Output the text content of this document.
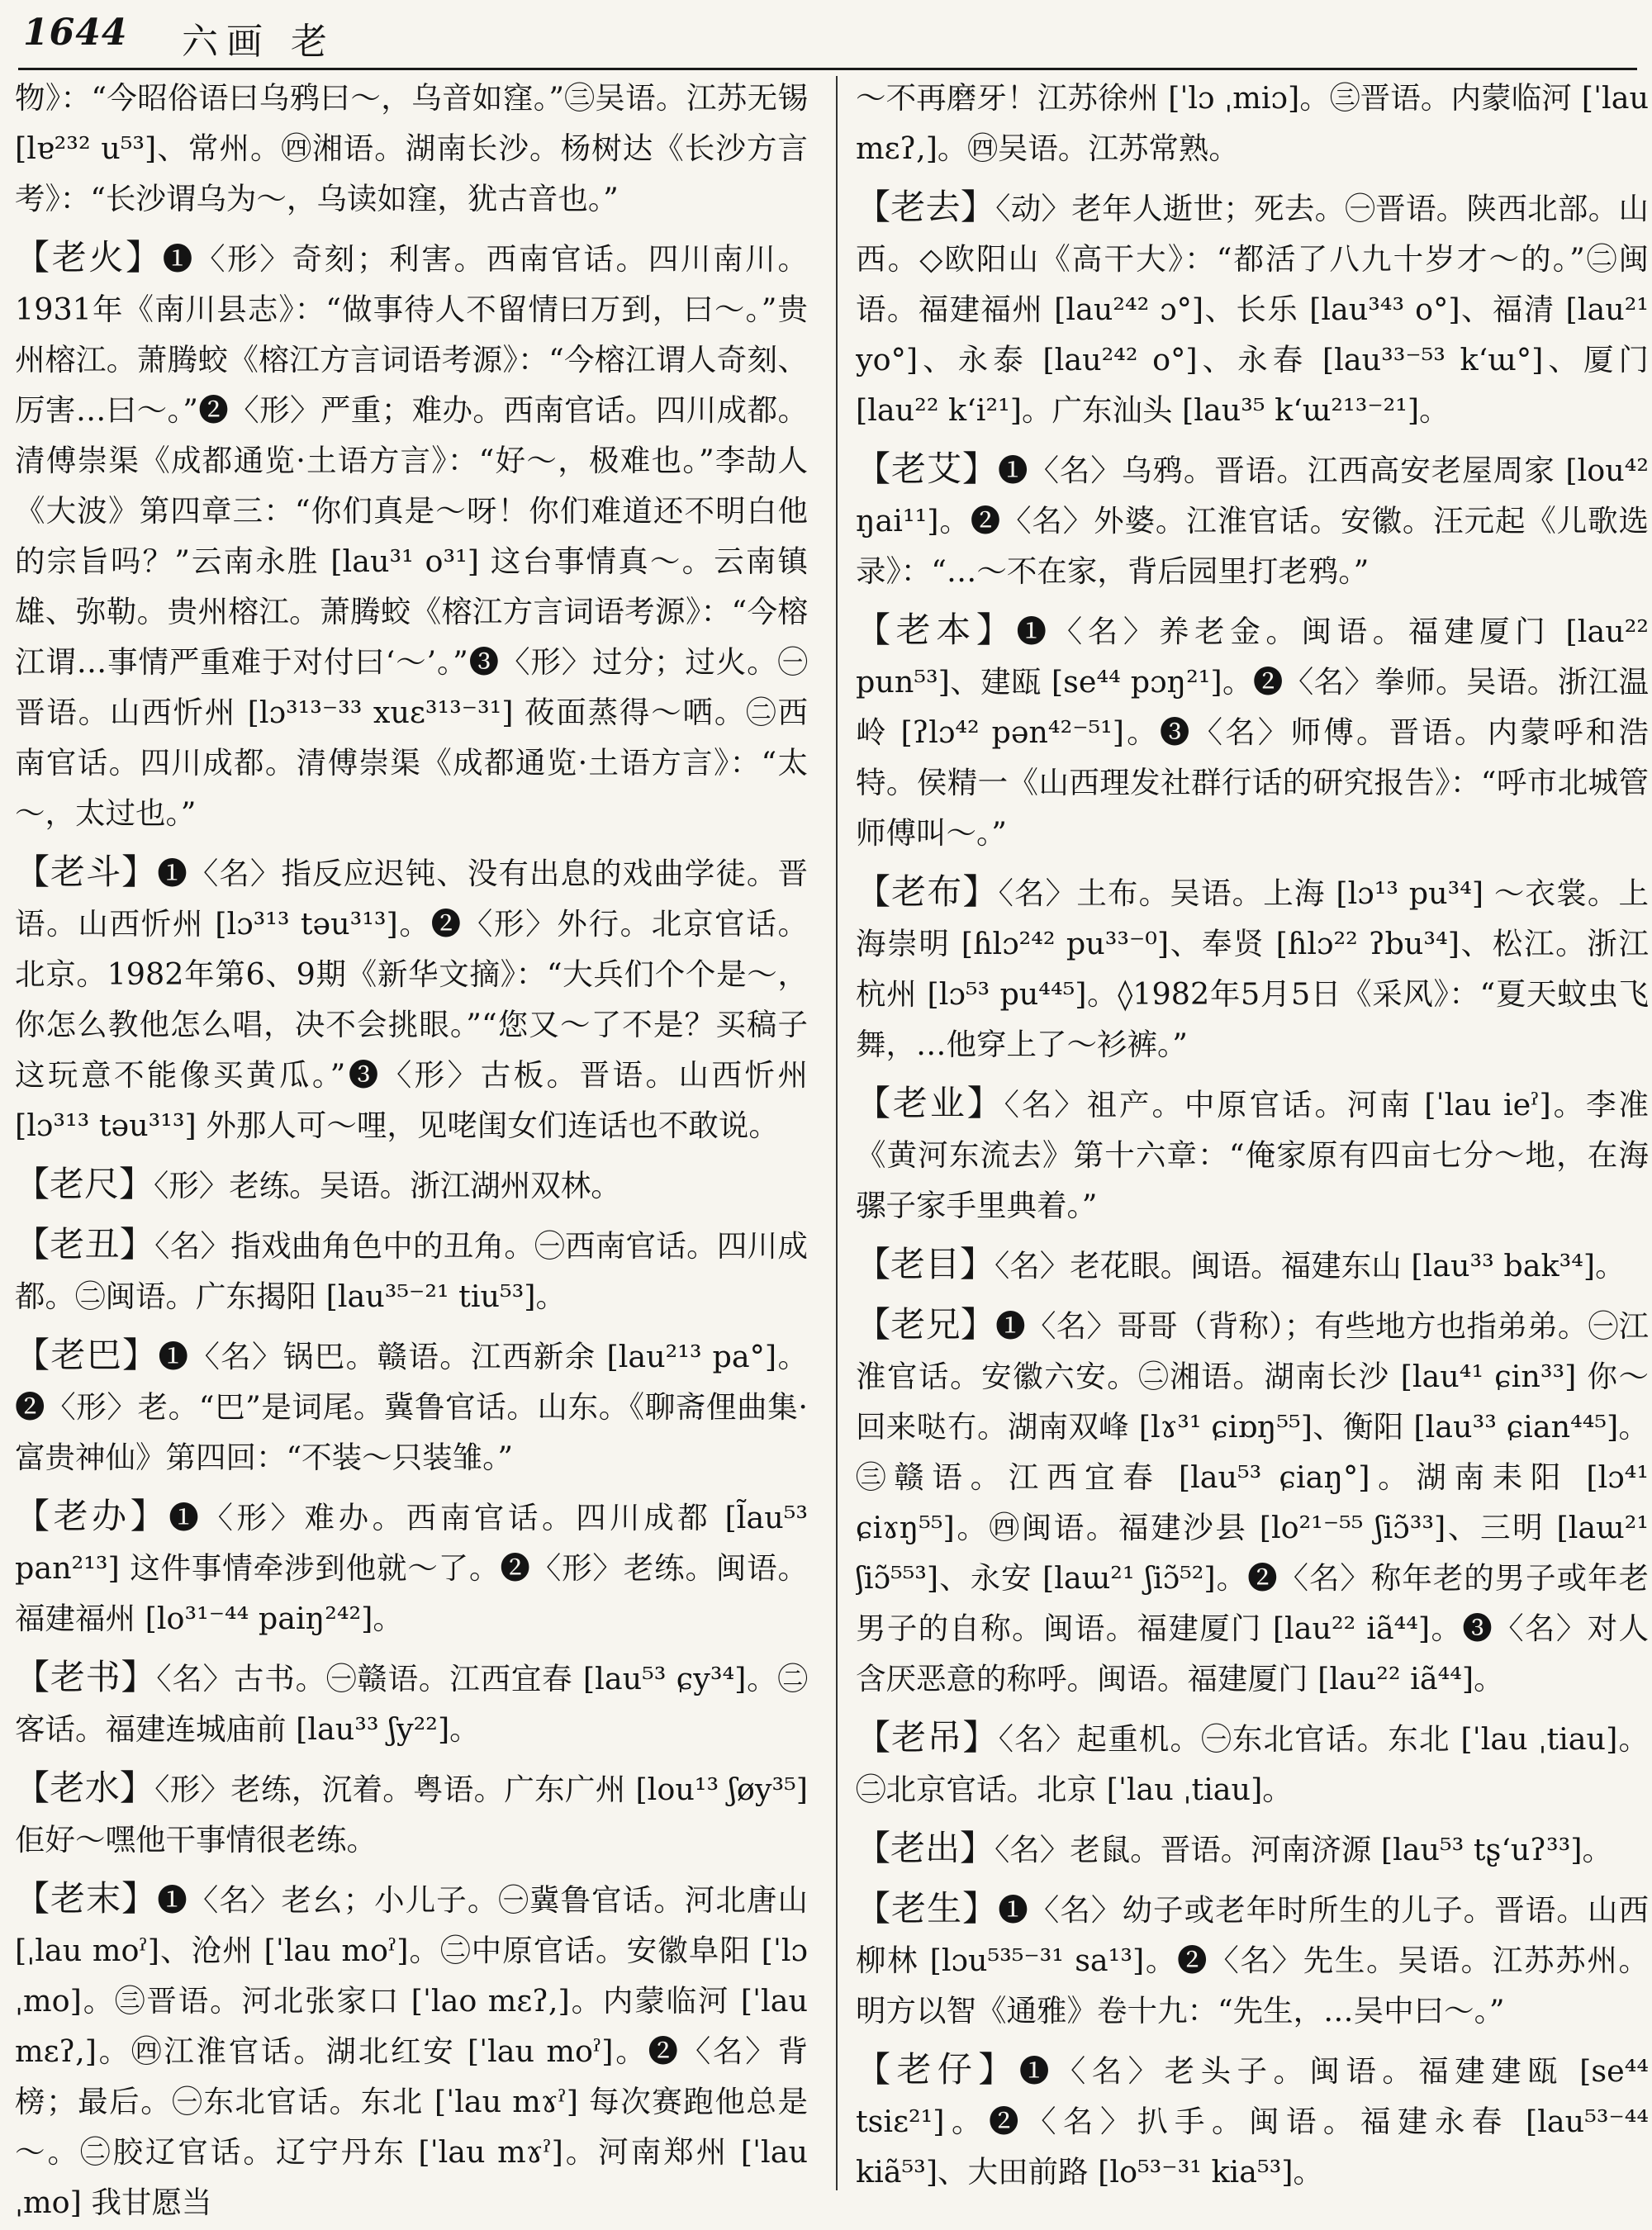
1644 六画 老

物》：“今昭俗语曰乌鸦曰～，乌音如窪。”㊂吴语。江苏无锡 [lɐ²³² u⁵³]、常州。㊃湘语。湖南长沙。杨树达《长沙方言考》：“长沙谓乌为～，乌读如窪，犹古音也。”

【老火】❶〈形〉奇刻；利害。西南官话。四川南川。1931年《南川县志》：“做事待人不留情曰万到，曰～。”贵州榕江。萧腾蛟《榕江方言词语考源》：“今榕江谓人奇刻、厉害…曰～。”❷〈形〉严重；难办。西南官话。四川成都。清傅崇渠《成都通览·土语方言》：“好～，极难也。”李劼人《大波》第四章三：“你们真是～呀！你们难道还不明白他的宗旨吗？”云南永胜 [lau³¹ o³¹] 这台事情真～。云南镇雄、弥勒。贵州榕江。萧腾蛟《榕江方言词语考源》：“今榕江谓…事情严重难于对付曰‘～’。”❸〈形〉过分；过火。㊀晋语。山西忻州 [lɔ³¹³⁻³³ xuɛ³¹³⁻³¹] 莜面蒸得～哂。㊁西南官话。四川成都。清傅崇渠《成都通览·土语方言》：“太～，太过也。”

【老斗】❶〈名〉指反应迟钝、没有出息的戏曲学徒。晋语。山西忻州 [lɔ³¹³ təu³¹³]。❷〈形〉外行。北京官话。北京。1982年第6、9期《新华文摘》：“大兵们个个是～，你怎么教他怎么唱，决不会挑眼。”“您又～了不是？买稿子这玩意不能像买黄瓜。”❸〈形〉古板。晋语。山西忻州 [lɔ³¹³ təu³¹³] 外那人可～哩，见咾闺女们连话也不敢说。

【老尺】〈形〉老练。吴语。浙江湖州双林。

【老丑】〈名〉指戏曲角色中的丑角。㊀西南官话。四川成都。㊁闽语。广东揭阳 [lau³⁵⁻²¹ tiu⁵³]。

【老巴】❶〈名〉锅巴。赣语。江西新余 [lau²¹³ pa°]。❷〈形〉老。“巴”是词尾。冀鲁官话。山东。《聊斋俚曲集·富贵神仙》第四回：“不装～只装雏。”

【老办】❶〈形〉难办。西南官话。四川成都 [l̃au⁵³ pan²¹³] 这件事情牵涉到他就～了。❷〈形〉老练。闽语。福建福州 [lo³¹⁻⁴⁴ paiŋ²⁴²]。

【老书】〈名〉古书。㊀赣语。江西宜春 [lau⁵³ ɕy³⁴]。㊁客话。福建连城庙前 [lau³³ ʃy²²]。

【老水】〈形〉老练，沉着。粤语。广东广州 [lou¹³ ʃøy³⁵] 佢好～嘿他干事情很老练。

【老末】❶〈名〉老幺；小儿子。㊀冀鲁官话。河北唐山 [ˌlau moˀ]、沧州 [ˈlau moˀ]。㊁中原官话。安徽阜阳 [ˈlɔ ˌmo]。㊂晋语。河北张家口 [ˈlao mɛʔ,]。内蒙临河 [ˈlau mɛʔ,]。㊃江淮官话。湖北红安 [ˈlau moˀ]。❷〈名〉背榜；最后。㊀东北官话。东北 [ˈlau mɤˀ] 每次赛跑他总是～。㊁胶辽官话。辽宁丹东 [ˈlau mɤˀ]。河南郑州 [ˈlau ˌmo] 我甘愿当

～不再磨牙！江苏徐州 [ˈlɔ ˌmiɔ]。㊂晋语。内蒙临河 [ˈlau mɛʔ,]。㊃吴语。江苏常熟。

【老去】〈动〉老年人逝世；死去。㊀晋语。陕西北部。山西。◇欧阳山《高干大》：“都活了八九十岁才～的。”㊁闽语。福建福州 [lau²⁴² ɔ°]、长乐 [lau³⁴³ o°]、福清 [lau²¹ yo°]、永泰 [lau²⁴² o°]、永春 [lau³³⁻⁵³ kʻɯ°]、厦门 [lau²² kʻi²¹]。广东汕头 [lau³⁵ kʻɯ²¹³⁻²¹]。

【老艾】❶〈名〉乌鸦。晋语。江西高安老屋周家 [lou⁴² ŋai¹¹]。❷〈名〉外婆。江淮官话。安徽。汪元起《儿歌选录》：“…～不在家，背后园里打老鸦。”

【老本】❶〈名〉养老金。闽语。福建厦门 [lau²² pun⁵³]、建瓯 [se⁴⁴ pɔŋ²¹]。❷〈名〉拳师。吴语。浙江温岭 [ʔlɔ⁴² pən⁴²⁻⁵¹]。❸〈名〉师傅。晋语。内蒙呼和浩特。侯精一《山西理发社群行话的研究报告》：“呼市北城管师傅叫～。”

【老布】〈名〉土布。吴语。上海 [lɔ¹³ pu³⁴] ～衣裳。上海崇明 [ɦlɔ²⁴² pu³³⁻⁰]、奉贤 [ɦlɔ²² ʔbu³⁴]、松江。浙江杭州 [lɔ⁵³ pu⁴⁴⁵]。◊1982年5月5日《采风》：“夏天蚊虫飞舞，…他穿上了～衫裤。”

【老业】〈名〉祖产。中原官话。河南 [ˈlau ieˀ]。李准《黄河东流去》第十六章：“俺家原有四亩七分～地，在海骡子家手里典着。”

【老目】〈名〉老花眼。闽语。福建东山 [lau³³ bak³⁴]。

【老兄】❶〈名〉哥哥（背称）；有些地方也指弟弟。㊀江淮官话。安徽六安。㊁湘语。湖南长沙 [lau⁴¹ ɕin³³] 你～回来哒冇。湖南双峰 [lɤ³¹ ɕiɒŋ⁵⁵]、衡阳 [lau³³ ɕian⁴⁴⁵]。㊂赣语。江西宜春 [lau⁵³ ɕiaŋ°]。湖南耒阳 [lɔ⁴¹ ɕiɤŋ⁵⁵]。㊃闽语。福建沙县 [lo²¹⁻⁵⁵ ʃiɔ̃³³]、三明 [laɯ²¹ ʃiɔ̃⁵⁵³]、永安 [laɯ²¹ ʃiɔ̃⁵²]。❷〈名〉称年老的男子或年老男子的自称。闽语。福建厦门 [lau²² iã⁴⁴]。❸〈名〉对人含厌恶意的称呼。闽语。福建厦门 [lau²² iã⁴⁴]。

【老吊】〈名〉起重机。㊀东北官话。东北 [ˈlau ˌtiau]。㊁北京官话。北京 [ˈlau ˌtiau]。

【老出】〈名〉老鼠。晋语。河南济源 [lau⁵³ tʂʻuʔ³³]。

【老生】❶〈名〉幼子或老年时所生的儿子。晋语。山西柳林 [lɔu⁵³⁵⁻³¹ sa¹³]。❷〈名〉先生。吴语。江苏苏州。明方以智《通雅》卷十九：“先生，…吴中曰～。”

【老仔】❶〈名〉老头子。闽语。福建建瓯 [se⁴⁴ tsiɛ²¹]。❷〈名〉扒手。闽语。福建永春 [lau⁵³⁻⁴⁴ kiã⁵³]、大田前路 [lo⁵³⁻³¹ kia⁵³]。
